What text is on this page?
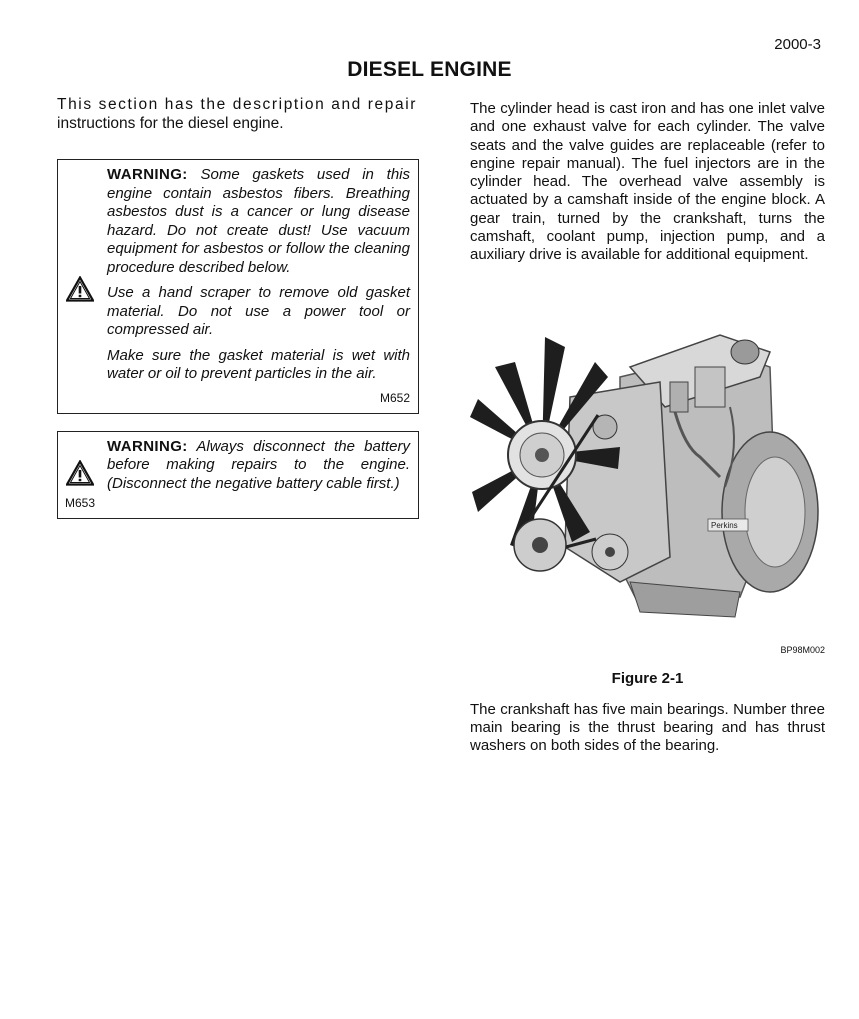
2000-3
DIESEL ENGINE

This section has the description and repair
instructions for the diesel engine.

WARNING: Some gaskets used in this engine contain asbestos fibers. Breathing asbestos dust is a cancer or lung disease hazard. Do not create dust! Use vacuum equipment for asbestos or follow the cleaning procedure described below.

Use a hand scraper to remove old gasket material. Do not use a power tool or compressed air.

Make sure the gasket material is wet with water or oil to prevent particles in the air.

M652

WARNING: Always disconnect the battery before making repairs to the engine. (Disconnect the negative battery cable first.)

M653

The cylinder head is cast iron and has one inlet valve and one exhaust valve for each cylinder. The valve seats and the valve guides are replaceable (refer to engine repair manual). The fuel injectors are in the cylinder head. The overhead valve assembly is actuated by a camshaft inside of the engine block. A gear train, turned by the crankshaft, turns the camshaft, coolant pump, injection pump, and a auxiliary drive is available for additional equipment.

Perkins
BP98M002
Figure 2-1

The crankshaft has five main bearings. Number three main bearing is the thrust bearing and has thrust washers on both sides of the bearing.
